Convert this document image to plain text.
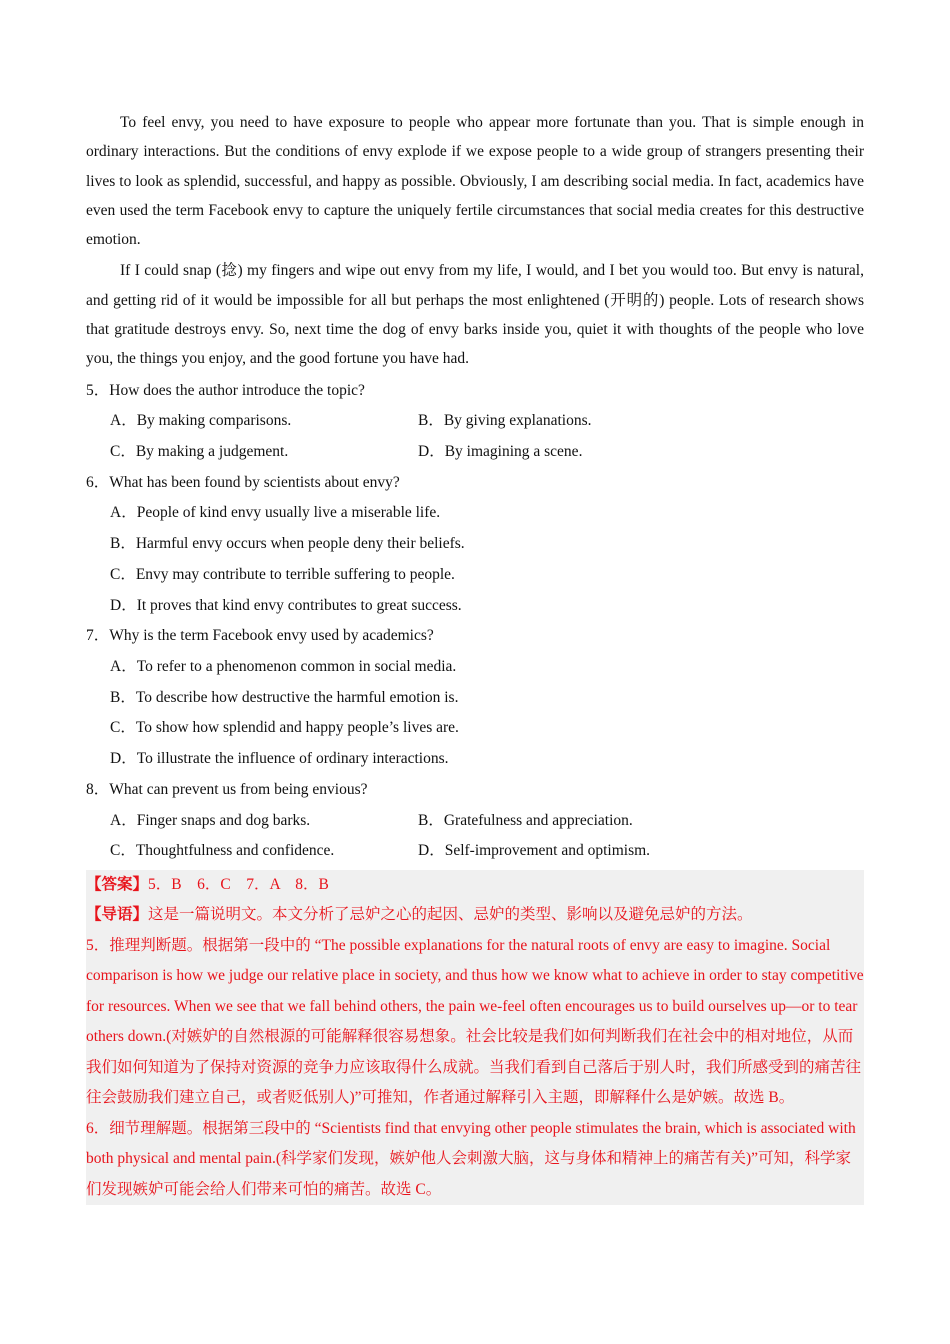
To feel envy, you need to have exposure to people who appear more fortunate than you. That is simple enough in ordinary interactions. But the conditions of envy explode if we expose people to a wide group of strangers presenting their lives to look as splendid, successful, and happy as possible. Obviously, I am describing social media. In fact, academics have even used the term Facebook envy to capture the uniquely fertile circumstances that social media creates for this destructive emotion.

If I could snap (捻) my fingers and wipe out envy from my life, I would, and I bet you would too. But envy is natural, and getting rid of it would be impossible for all but perhaps the most enlightened (开明的) people. Lots of research shows that gratitude destroys envy. So, next time the dog of envy barks inside you, quiet it with thoughts of the people who love you, the things you enjoy, and the good fortune you have had.

5．How does the author introduce the topic?

A．By making comparisons.	B．By giving explanations.
C．By making a judgement.	D．By imagining a scene.

6．What has been found by scientists about envy?

A．People of kind envy usually live a miserable life.
B．Harmful envy occurs when people deny their beliefs.
C．Envy may contribute to terrible suffering to people.
D．It proves that kind envy contributes to great success.

7．Why is the term Facebook envy used by academics?

A．To refer to a phenomenon common in social media.
B．To describe how destructive the harmful emotion is.
C．To show how splendid and happy people’s lives are.
D．To illustrate the influence of ordinary interactions.

8．What can prevent us from being envious?

A．Finger snaps and dog barks.	B．Gratefulness and appreciation.
C．Thoughtfulness and confidence.	D．Self-improvement and optimism.

【答案】5．B　6．C　7．A　8．B

【导语】这是一篇说明文。本文分析了忌妒之心的起因、忌妒的类型、影响以及避免忌妒的方法。

5．推理判断题。根据第一段中的 “The possible explanations for the natural roots of envy are easy to imagine. Social comparison is how we judge our relative place in society, and thus how we know what to achieve in order to stay competitive for resources. When we see that we fall behind others, the pain we-feel often encourages us to build ourselves up—or to tear others down.(对嫉妒的自然根源的可能解释很容易想象。社会比较是我们如何判断我们在社会中的相对地位，从而我们如何知道为了保持对资源的竞争力应该取得什么成就。当我们看到自己落后于别人时，我们所感受到的痛苦往往会鼓励我们建立自己，或者贬低别人)”可推知，作者通过解释引入主题，即解释什么是妒嫉。故选 B。

6．细节理解题。根据第三段中的 “Scientists find that envying other people stimulates the brain, which is associated with both physical and mental pain.(科学家们发现，嫉妒他人会刺激大脑，这与身体和精神上的痛苦有关)”可知，科学家们发现嫉妒可能会给人们带来可怕的痛苦。故选 C。
